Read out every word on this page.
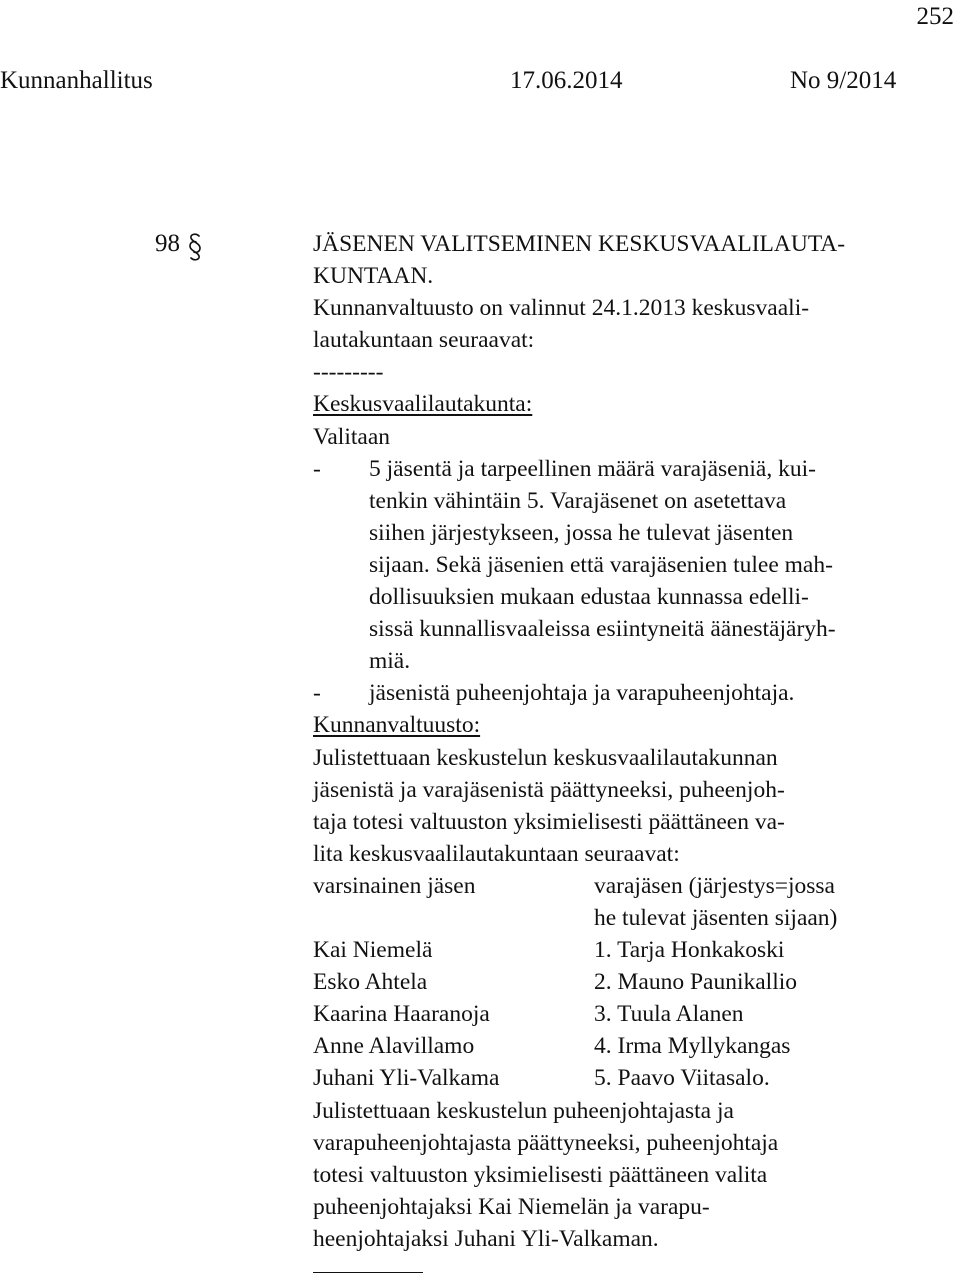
252
Kunnanhallitus	17.06.2014	No 9/2014
98	JÄSENEN VALITSEMINEN KESKUSVAALILAUTA-
KUNTAAN.
Kunnanvaltuusto on valinnut 24.1.2013 keskusvaali-
lautakuntaan seuraavat:
---------
Keskusvaalilautakunta:
Valitaan
- 5 jäsentä ja tarpeellinen määrä varajäseniä, kui-
tenkin vähintäin 5. Varajäsenet on asetettava
siihen järjestykseen, jossa he tulevat jäsenten
sijaan. Sekä jäsenien että varajäsenien tulee mah-
dollisuuksien mukaan edustaa kunnassa edelli-
sissä kunnallisvaaleissa esiintyneitä äänestäjäryh-
miä.
- jäsenistä puheenjohtaja ja varapuheenjohtaja.
Kunnanvaltuusto:
Julistettuaan keskustelun keskusvaalilautakunnan
jäsenistä ja varajäsenistä päättyneeksi, puheenjoh-
taja totesi valtuuston yksimielisesti päättäneen va-
lita keskusvaalilautakuntaan seuraavat:
varsinainen jäsen	varajäsen (järjestys=jossa
he tulevat jäsenten sijaan)
Kai Niemelä	1. Tarja Honkakoski
Esko Ahtela	2. Mauno Paunikallio
Kaarina Haaranoja	3. Tuula Alanen
Anne Alavillamo	4. Irma Myllykangas
Juhani Yli-Valkama	5. Paavo Viitasalo.
Julistettuaan keskustelun puheenjohtajasta ja
varapuheenjohtajasta päättyneeksi, puheenjohtaja
totesi valtuuston yksimielisesti päättäneen valita
puheenjohtajaksi Kai Niemelän ja varapu-
heenjohtajaksi Juhani Yli-Valkaman.
